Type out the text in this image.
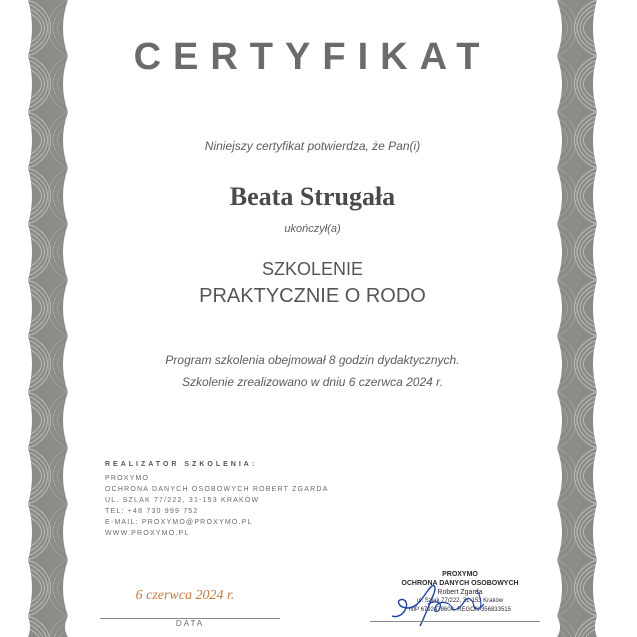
CERTYFIKAT
Niniejszy certyfikat potwierdza, że Pan(i)
Beata Strugała
ukończył(a)
SZKOLENIE
PRAKTYCZNIE O RODO
Program szkolenia obejmował 8 godzin dydaktycznych.
Szkolenie zrealizowano w dniu 6 czerwca 2024 r.
REALIZATOR SZKOLENIA:
PROXYMO
OCHRONA DANYCH OSOBOWYCH ROBERT ZGARDA
UL. SZLAK 77/222, 31-153 KRAKÓW
TEL: +48 730 999 752
E-MAIL: PROXYMO@PROXYMO.PL
WWW.PROXYMO.PL
6 czerwca 2024 r.
DATA
PROXYMO
OCHRONA DANYCH OSOBOWYCH
Robert Zgarda
ul. Szlak 77/222, 31-153 Kraków
NIP 6792478604, REGON 356833515
